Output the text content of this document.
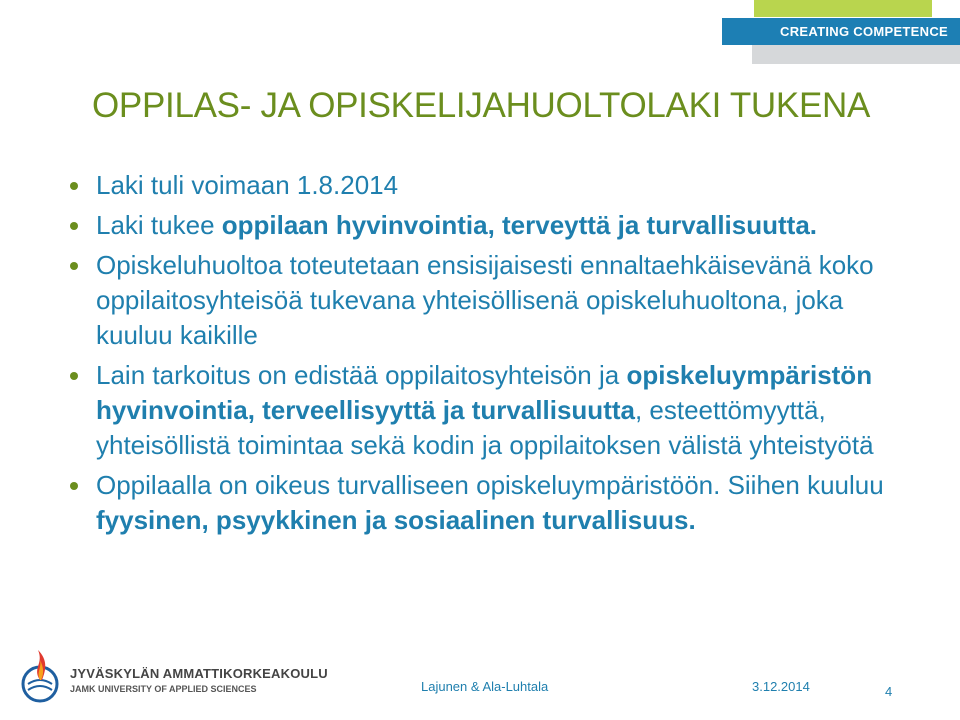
CREATING COMPETENCE
OPPILAS- JA OPISKELIJAHUOLTOLAKI TUKENA
Laki tuli voimaan 1.8.2014
Laki tukee oppilaan hyvinvointia, terveyttä ja turvallisuutta.
Opiskeluhuoltoa toteutetaan ensisijaisesti ennaltaehkäisevänä koko oppilaitosyhteisöä tukevana yhteisöllisenä opiskeluhuoltona, joka kuuluu kaikille
Lain tarkoitus on edistää oppilaitosyhteisön ja opiskeluympäristön hyvinvointia, terveellisyyttä ja turvallisuutta, esteettömyyttä, yhteisöllistä toimintaa sekä kodin ja oppilaitoksen välistä yhteistyötä
Oppilaalla on oikeus turvalliseen opiskeluympäristöön. Siihen kuuluu fyysinen, psyykkinen ja sosiaalinen turvallisuus.
JYVÄSKYLÄN AMMATTIKORKEAKOULU
JAMK UNIVERSITY OF APPLIED SCIENCES	Lajunen & Ala-Luhtala	3.12.2014	4
